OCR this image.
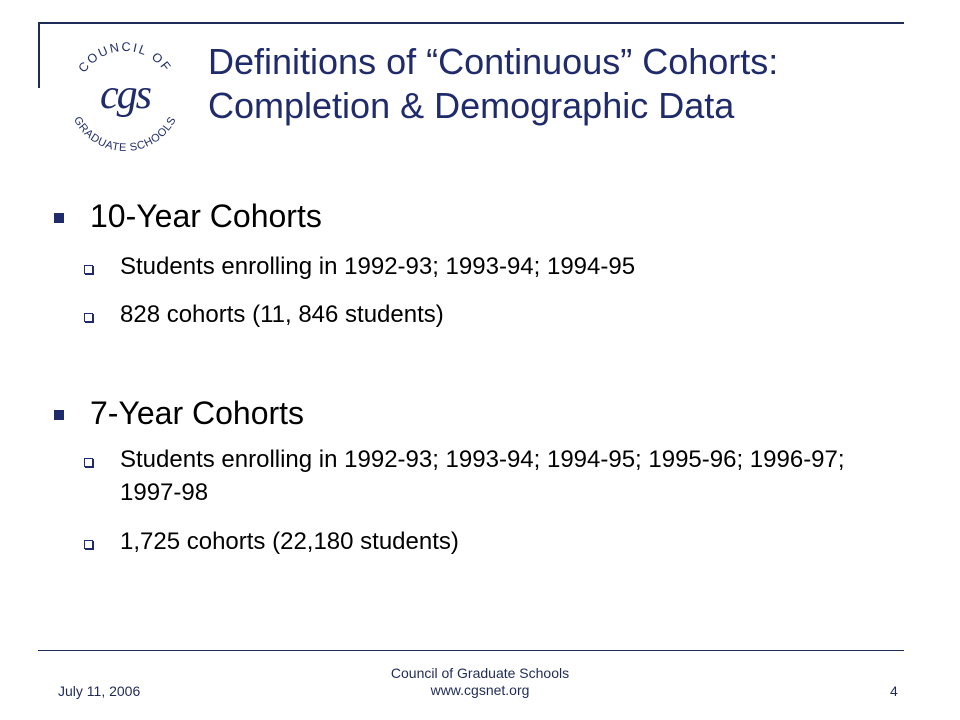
COUNCIL OF
GRADUATE SCHOOLS
cgs
Definitions of “Continuous” Cohorts:
Completion & Demographic Data
10-Year Cohorts
Students enrolling in 1992-93; 1993-94; 1994-95
828 cohorts (11, 846 students)
7-Year Cohorts
Students enrolling in 1992-93; 1993-94; 1994-95; 1995-96; 1996-97; 1997-98
1,725 cohorts (22,180 students)
July 11, 2006
Council of Graduate Schools
www.cgsnet.org	4
